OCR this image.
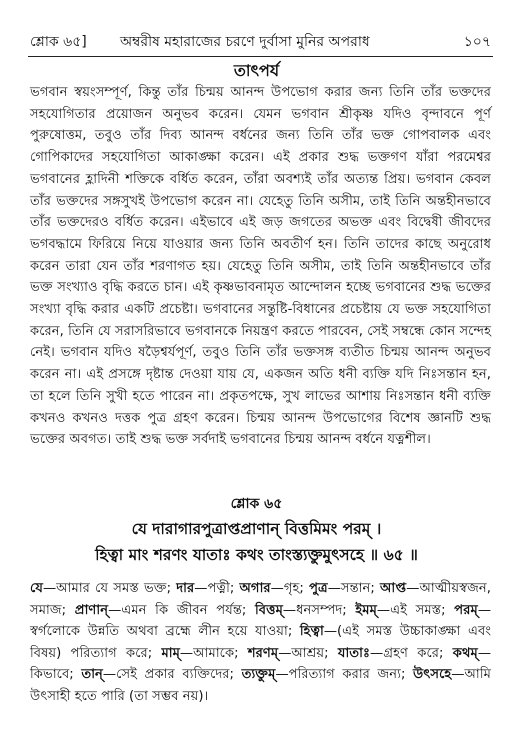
শ্লোক ৬৫] অম্বরীষ মহারাজের চরণে দুর্বাসা মুনির অপরাধ	১০৭
তাৎপর্য

ভগবান স্বয়ংসম্পূর্ণ, কিন্তু তাঁর চিন্ময় আনন্দ উপভোগ করার জন্য তিনি তাঁর ভক্তদের সহযোগিতার প্রয়োজন অনুভব করেন। যেমন ভগবান শ্রীকৃষ্ণ যদিও বৃন্দাবনে পূর্ণ পুরুষোত্তম, তবুও তাঁর দিব্য আনন্দ বর্ধনের জন্য তিনি তাঁর ভক্ত গোপবালক এবং গোপিকাদের সহযোগিতা আকাঙ্ক্ষা করেন। এই প্রকার শুদ্ধ ভক্তগণ যাঁরা পরমেশ্বর ভগবানের হ্লাদিনী শক্তিকে বর্ধিত করেন, তাঁরা অবশ্যই তাঁর অত্যন্ত প্রিয়। ভগবান কেবল তাঁর ভক্তদের সঙ্গসুখই উপভোগ করেন না। যেহেতু তিনি অসীম, তাই তিনি অন্তহীনভাবে তাঁর ভক্তদেরও বর্ধিত করেন। এইভাবে এই জড় জগতের অভক্ত এবং বিদ্বেষী জীবদের ভগবদ্ধামে ফিরিয়ে নিয়ে যাওয়ার জন্য তিনি অবতীর্ণ হন। তিনি তাদের কাছে অনুরোধ করেন তারা যেন তাঁর শরণাগত হয়। যেহেতু তিনি অসীম, তাই তিনি অন্তহীনভাবে তাঁর ভক্ত সংখ্যাও বৃদ্ধি করতে চান। এই কৃষ্ণভাবনামৃত আন্দোলন হচ্ছে ভগবানের শুদ্ধ ভক্তের সংখ্যা বৃদ্ধি করার একটি প্রচেষ্টা। ভগবানের সন্তুষ্টি-বিধানের প্রচেষ্টায় যে ভক্ত সহযোগিতা করেন, তিনি যে সরাসরিভাবে ভগবানকে নিয়ন্ত্রণ করতে পারবেন, সেই সম্বন্ধে কোন সন্দেহ নেই। ভগবান যদিও ষড়ৈশ্বর্যপূর্ণ, তবুও তিনি তাঁর ভক্তসঙ্গ ব্যতীত চিন্ময় আনন্দ অনুভব করেন না। এই প্রসঙ্গে দৃষ্টান্ত দেওয়া যায় যে, একজন অতি ধনী ব্যক্তি যদি নিঃসন্তান হন, তা হলে তিনি সুখী হতে পারেন না। প্রকৃতপক্ষে, সুখ লাভের আশায় নিঃসন্তান ধনী ব্যক্তি কখনও কখনও দত্তক পুত্র গ্রহণ করেন। চিন্ময় আনন্দ উপভোগের বিশেষ জ্ঞানটি শুদ্ধ ভক্তের অবগত। তাই শুদ্ধ ভক্ত সর্বদাই ভগবানের চিন্ময় আনন্দ বর্ধনে যত্নশীল।

শ্লোক ৬৫
যে দারাগারপুত্রাপ্তপ্রাণান্ বিত্তমিমং পরম্ ।
হিত্বা মাং শরণং যাতাঃ কথং তাংস্ত্যক্তুমুৎসহে ॥ ৬৫ ॥

যে—আমার যে সমস্ত ভক্ত; দার—পত্নী; অগার—গৃহ; পুত্র—সন্তান; আপ্ত—আত্মীয়স্বজন, সমাজ; প্রাণান্—এমন কি জীবন পর্যন্ত; বিত্তম্—ধনসম্পদ; ইমম্—এই সমস্ত; পরম্—স্বর্গলোকে উন্নতি অথবা ব্রহ্মে লীন হয়ে যাওয়া; হিত্বা—(এই সমস্ত উচ্চাকাঙ্ক্ষা এবং বিষয়) পরিত্যাগ করে; মাম্—আমাকে; শরণম্—আশ্রয়; যাতাঃ—গ্রহণ করে; কথম্—কিভাবে; তান্—সেই প্রকার ব্যক্তিদের; ত্যক্তুম্—পরিত্যাগ করার জন্য; উৎসহে—আমি উৎসাহী হতে পারি (তা সম্ভব নয়)।
